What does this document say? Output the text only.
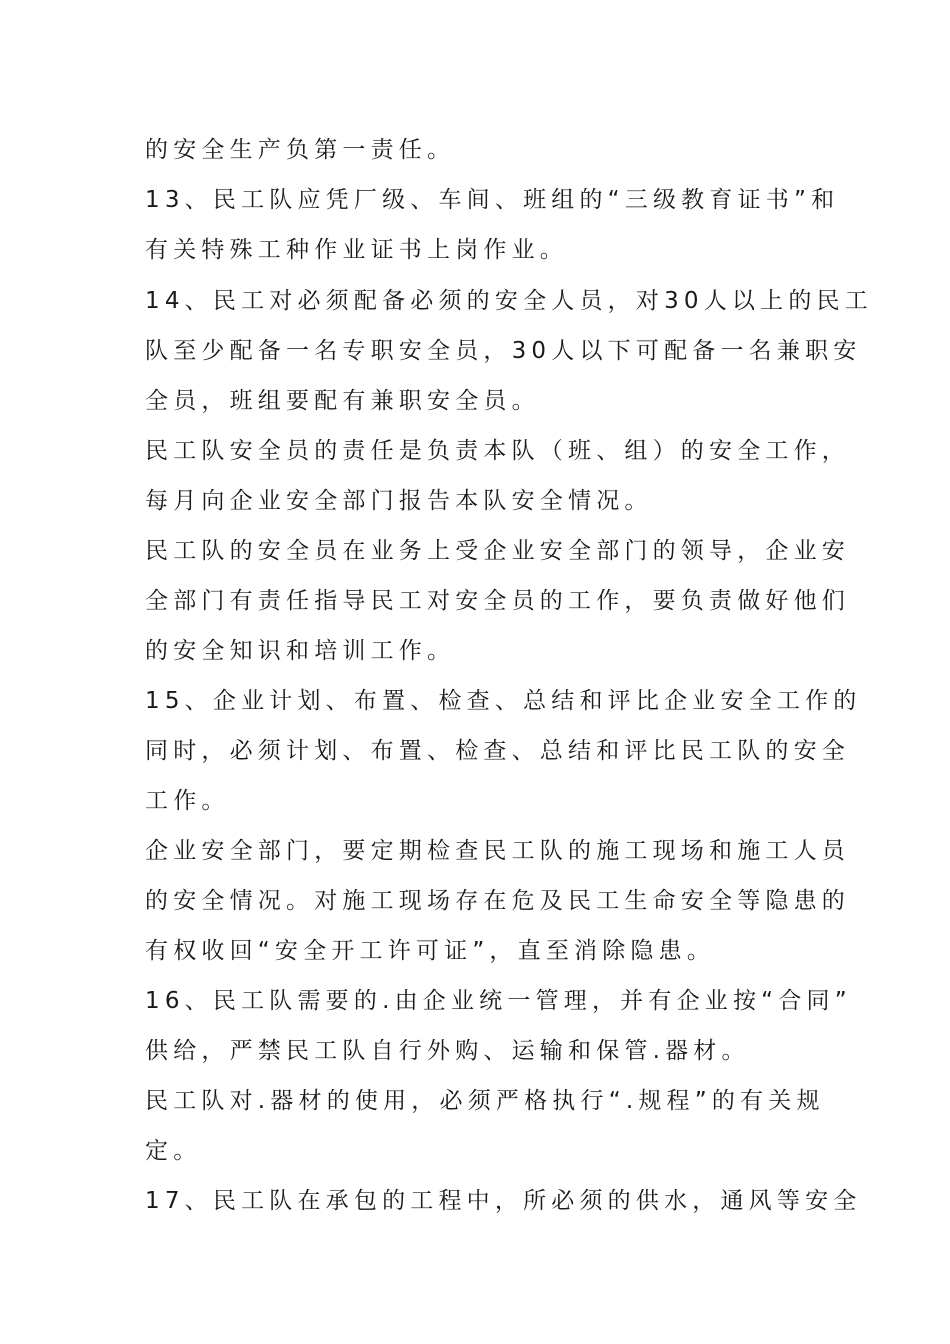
的安全生产负第一责任。
13、民工队应凭厂级、车间、班组的“三级教育证书”和
有关特殊工种作业证书上岗作业。
14、民工对必须配备必须的安全人员，对30人以上的民工
队至少配备一名专职安全员，30人以下可配备一名兼职安
全员，班组要配有兼职安全员。
民工队安全员的责任是负责本队（班、组）的安全工作，
每月向企业安全部门报告本队安全情况。
民工队的安全员在业务上受企业安全部门的领导，企业安
全部门有责任指导民工对安全员的工作，要负责做好他们
的安全知识和培训工作。
15、企业计划、布置、检查、总结和评比企业安全工作的
同时，必须计划、布置、检查、总结和评比民工队的安全
工作。
企业安全部门，要定期检查民工队的施工现场和施工人员
的安全情况。对施工现场存在危及民工生命安全等隐患的
有权收回“安全开工许可证”，直至消除隐患。
16、民工队需要的.由企业统一管理，并有企业按“合同”
供给，严禁民工队自行外购、运输和保管.器材。
民工队对.器材的使用，必须严格执行“.规程”的有关规
定。
17、民工队在承包的工程中，所必须的供水，通风等安全
